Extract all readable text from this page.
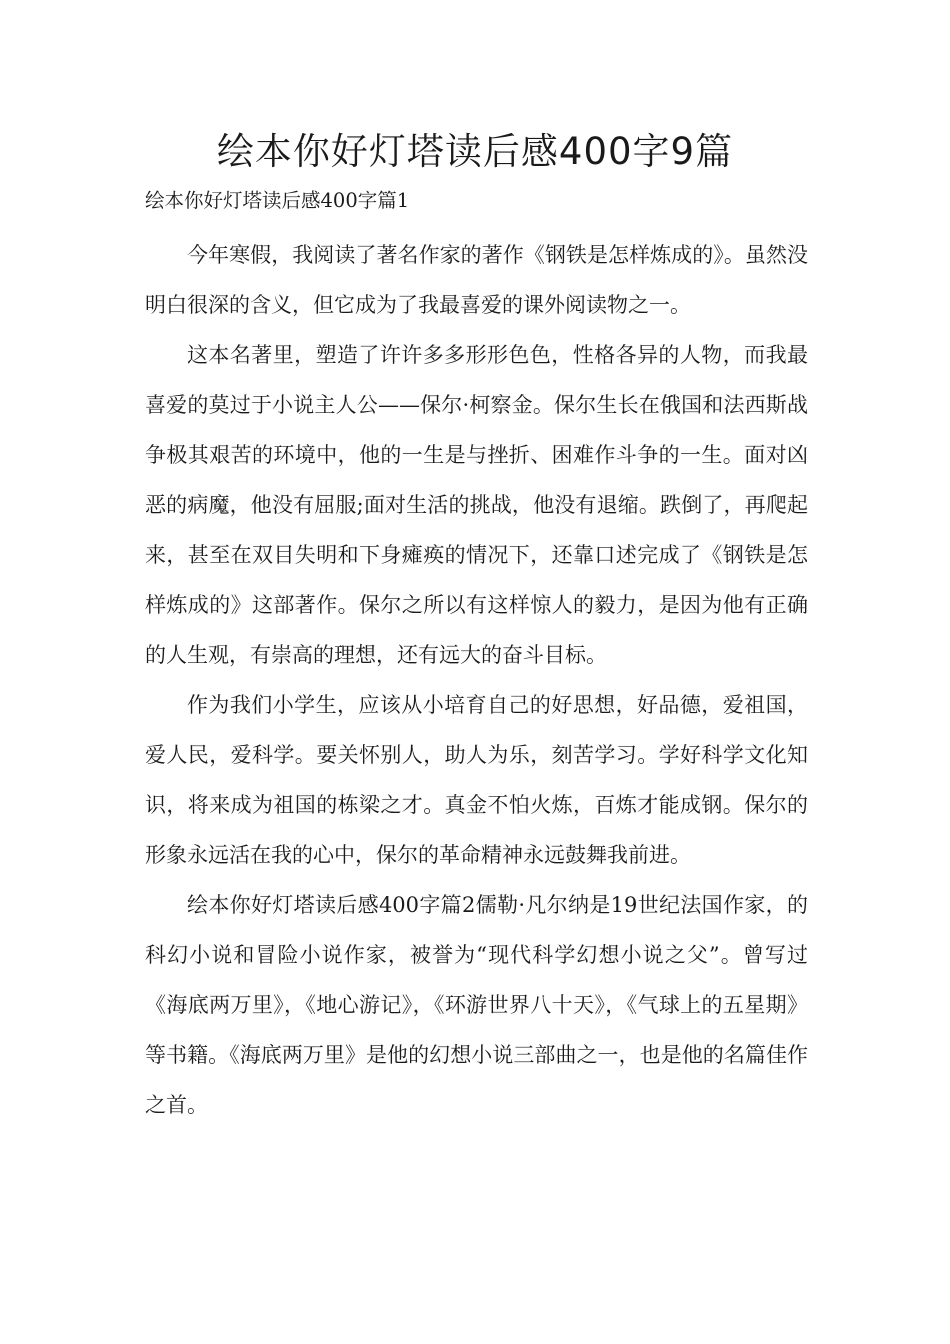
绘本你好灯塔读后感400字9篇

绘本你好灯塔读后感400字篇1

今年寒假，我阅读了著名作家的著作《钢铁是怎样炼成的》。虽然没明白很深的含义，但它成为了我最喜爱的课外阅读物之一。

这本名著里，塑造了许许多多形形色色，性格各异的人物，而我最喜爱的莫过于小说主人公——保尔·柯察金。保尔生长在俄国和法西斯战争极其艰苦的环境中，他的一生是与挫折、困难作斗争的一生。面对凶恶的病魔，他没有屈服;面对生活的挑战，他没有退缩。跌倒了，再爬起来，甚至在双目失明和下身瘫痪的情况下，还靠口述完成了《钢铁是怎样炼成的》这部著作。保尔之所以有这样惊人的毅力，是因为他有正确的人生观，有崇高的理想，还有远大的奋斗目标。

作为我们小学生，应该从小培育自己的好思想，好品德，爱祖国，爱人民，爱科学。要关怀别人，助人为乐，刻苦学习。学好科学文化知识，将来成为祖国的栋梁之才。真金不怕火炼，百炼才能成钢。保尔的形象永远活在我的心中，保尔的革命精神永远鼓舞我前进。

绘本你好灯塔读后感400字篇2儒勒·凡尔纳是19世纪法国作家，的科幻小说和冒险小说作家，被誉为“现代科学幻想小说之父”。曾写过《海底两万里》，《地心游记》，《环游世界八十天》，《气球上的五星期》等书籍。《海底两万里》是他的幻想小说三部曲之一，也是他的名篇佳作之首。
